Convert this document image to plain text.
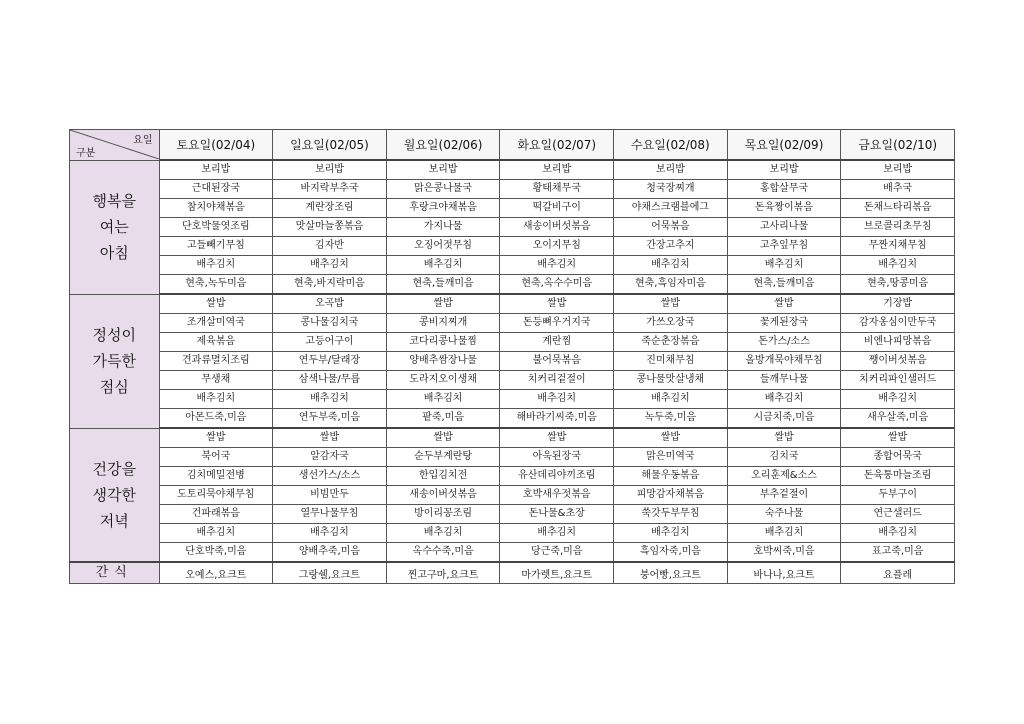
요일
구분	토요일(02/04)	일요일(02/05)	월요일(02/06)	화요일(02/07)	수요일(02/08)	목요일(02/09)	금요일(02/10)
행복을
여는
아침	보리밥	보리밥	보리밥	보리밥	보리밥	보리밥	보리밥
	근대된장국	바지락부추국	맑은콩나물국	황태채무국	청국장찌개	홍합살무국	배추국
	참치야채볶음	계란장조림	후랑크야채볶음	떡갈비구이	야채스크램블에그	돈육짱이볶음	돈채느타리볶음
	단호박물엿조림	맛살마늘쫑볶음	가지나물	새송이버섯볶음	어묵볶음	고사리나물	브로콜리초무침
	고들빼기무침	김자반	오징어젓무침	오이지무침	간장고추지	고추잎무침	무짠지채무침
	배추김치	배추김치	배추김치	배추김치	배추김치	배추김치	배추김치
	현축,녹두미음	현축,바지락미음	현축,들깨미음	현축,옥수수미음	현축,흑임자미음	현축,들깨미음	현축,땅콩미음
정성이
가득한
점심	쌀밥	오곡밥	쌀밥	쌀밥	쌀밥	쌀밥	기장밥
	조개살미역국	콩나물김치국	콩비지찌개	돈등뼈우거지국	가쓰오장국	꽃게된장국	감자옹심이만두국
	제육볶음	고등어구이	코다리콩나물찜	계란찜	죽순춘장볶음	돈가스/소스	비엔나피망볶음
	견과류멸치조림	연두부/달래장	양배추쌈장나물	불어묵볶음	진미채무침	올방개묵야채무침	쨍이버섯볶음
	무생채	삼색나물/무릅	도라지오이생채	치커리겉절이	콩나물맛살냉채	들깨무나물	치커리파인샐러드
	배추김치	배추김치	배추김치	배추김치	배추김치	배추김치	배추김치
	아몬드죽,미음	연두부죽,미음	팥죽,미음	해바라기씨죽,미음	녹두죽,미음	시금치죽,미음	새우살죽,미음
건강을
생각한
저녁	쌀밥	쌀밥	쌀밥	쌀밥	쌀밥	쌀밥	쌀밥
	북어국	알감자국	순두부계란탕	아욱된장국	맑은미역국	김치국	종합어묵국
	김치메밀전병	생선가스/소스	한입김치전	유산데리야끼조림	해물우동볶음	오리훈제&소스	돈육통마늘조림
	도토리묵야채무침	비빔만두	새송이버섯볶음	호박새우젓볶음	피망감자채볶음	부추겉절이	두부구이
	건파래볶음	열무나물무침	방이리꽁조림	돈나물&초장	쑥갓두부무침	숙주나물	연근샐러드
	배추김치	배추김치	배추김치	배추김치	배추김치	배추김치	배추김치
	단호박죽,미음	양배추죽,미음	옥수수죽,미음	당근죽,미음	흑임자죽,미음	호박씨죽,미음	표고죽,미음
간식	오예스,요크트	그랑쉘,요크트	찐고구마,요크트	마가렛트,요크트	붕어빵,요크트	바나나,요크트	요플레
